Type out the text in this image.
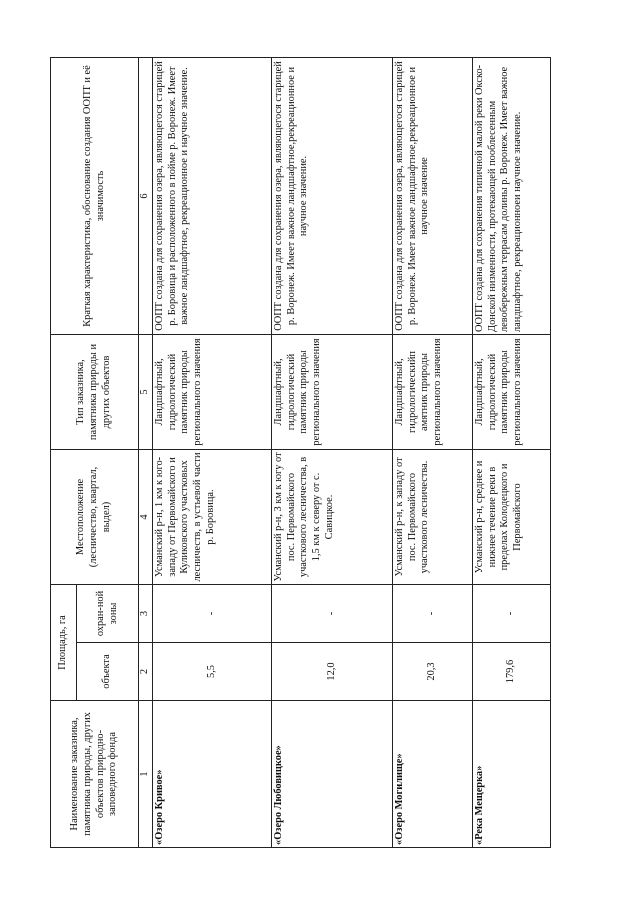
Наименование заказника, памятника природы, других объектов природно-заповедного фонда	Площадь, га		Местоположение (лесничество, квартал, выдел)	Тип заказника, памятника природы и других объектов	Краткая характеристика, обоснование создания ООПТ и её значимость
	объекта	охран-ной зоны			
1	2	3	4	5	6
«Озеро Кривое»	5,5	-	Усманский р-н, 1 км к юго-западу от Первомайского и Куликовского участковых лесничеств, в устьевой части р. Боровица.	Ландшафтный, гидрологический памятник природы регионального значения	ООПТ создана для сохранения озера, являющегося старицей р. Боровица и расположенного в пойме р. Воронеж. Имеет важное ландшафтное, рекреационное и научное значение.
«Озеро Любовицкое»	12,0	-	Усманский р-н, 3 км к югу от пос. Первомайского участкового лесничества, в 1,5 км к северу от с. Савицкое.	Ландшафтный, гидрологический памятник природы регионального значения	ООПТ создана для сохранения озера, являющегося старицей р. Воронеж. Имеет важное ландшафтное,рекреационное и научное значение.
«Озеро Могилище»	20,3	-	Усманский р-н, к западу от пос. Первомайского участкового лесничества.	Ландшафтный, гидрологическийп амятник природы регионального значения	ООПТ создана для сохранения озера, являющегося старицей р. Воронеж. Имеет важное ландшафтное,рекреационное и научное значение
«Река Мещерка»	179,6	-	Усманский р-н, среднее и нижнее течение реки в пределах Колодецкого и Первомайского	Ландшафтный, гидрологический памятник природы регионального значения	ООПТ создана для сохранения типичной малой реки Окско-Донской низменности, протекающей пооблесенным левобережным террасам долины р. Воронеж. Имеет важное ландшафтное, рекреационноеи научное значение.
